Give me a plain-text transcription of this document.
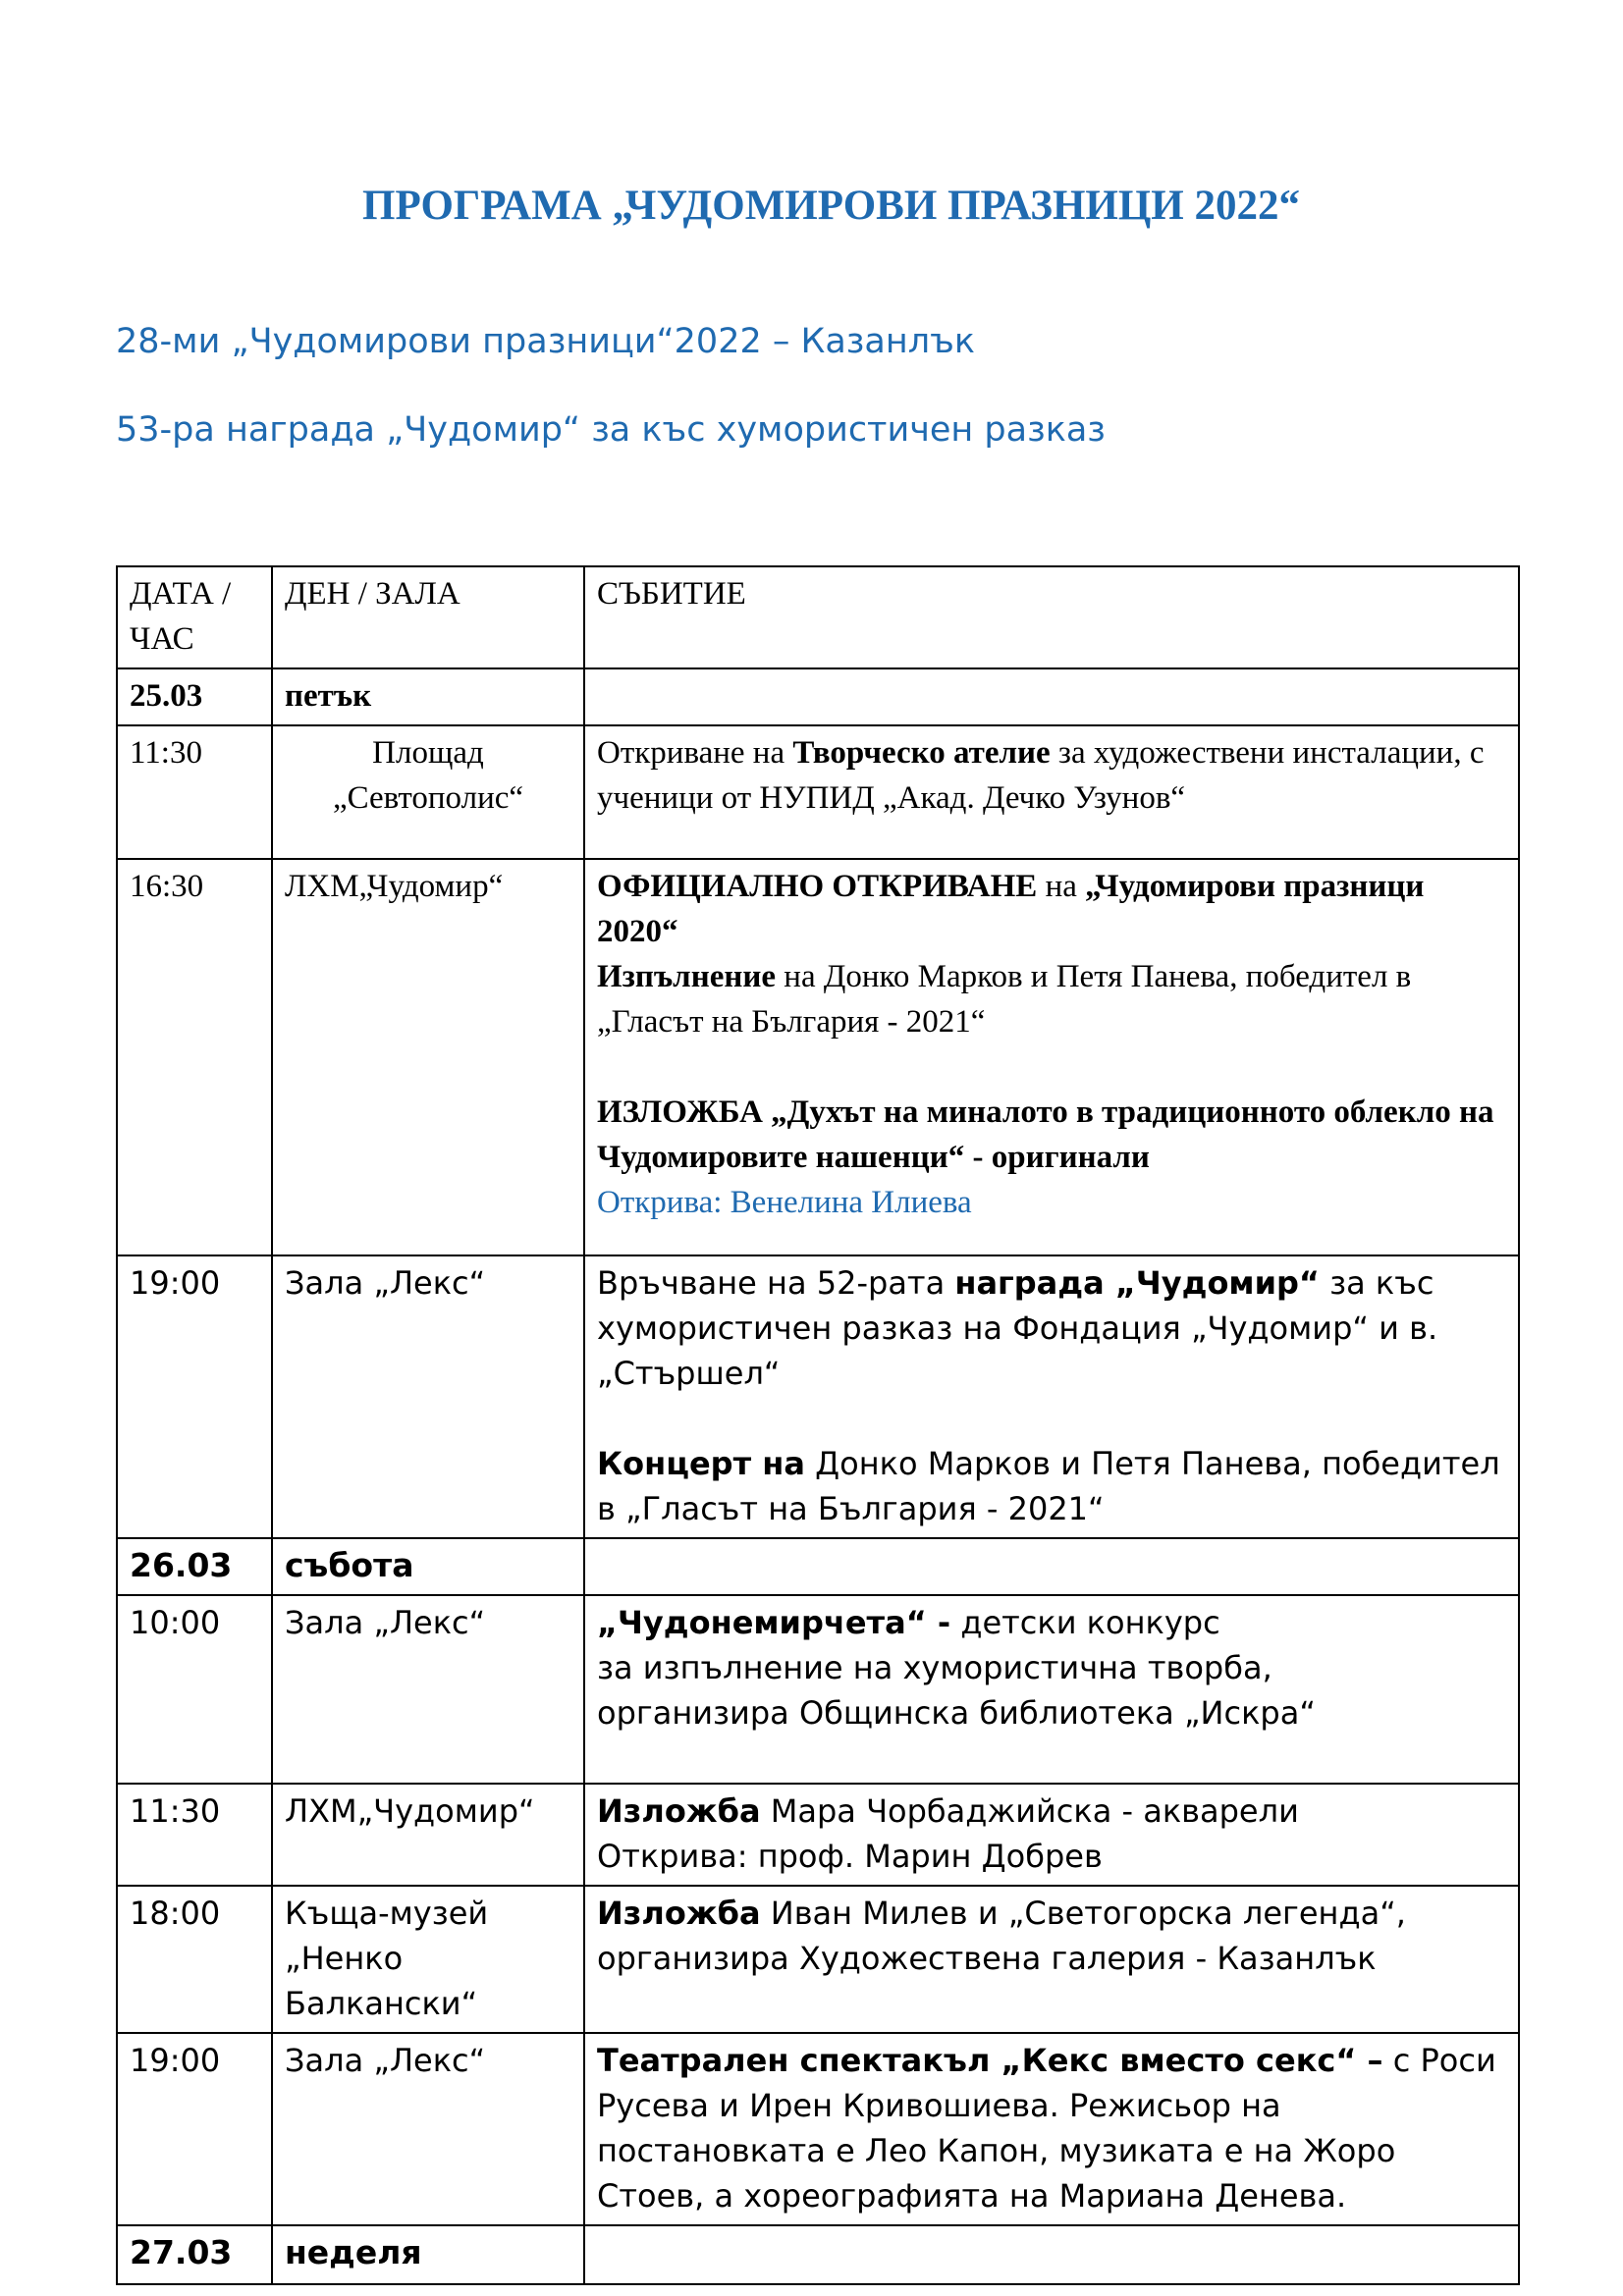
ПРОГРАМА „ЧУДОМИРОВИ ПРАЗНИЦИ 2022“
28-ми „Чудомирови празници“2022 – Казанлък
53-ра награда „Чудомир“ за къс хумористичен разказ
ДАТА / ЧАС	ДЕН / ЗАЛА	СЪБИТИЕ
25.03	петък	
11:30	Площад „Севтополис“	Откриване на Творческо ателие за художествени инсталации, с ученици от НУПИД „Акад. Дечко Узунов“
16:30	ЛХМ„Чудомир“	ОФИЦИАЛНО ОТКРИВАНЕ на „Чудомирови празници 2020“
Изпълнение на Донко Марков и Петя Панева, победител в „Гласът на България - 2021“
ИЗЛОЖБА „Духът на миналото в традиционното облекло на Чудомировите нашенци“ - оригинали
Открива: Венелина Илиева

19:00	Зала „Лекс“	Връчване на 52-рата награда „Чудомир“ за къс хумористичен разказ на Фондация „Чудомир“ и в.„Стършел“
Концерт на Донко Марков и Петя Панева, победител в „Гласът на България - 2021“

26.03	събота	
10:00	Зала „Лекс“	„Чудонемирчета“ - детски конкурс
за изпълнение на хумористична творба,
организира Общинска библиотека „Искра“

11:30	ЛХМ„Чудомир“	Изложба Мара Чорбаджийска - акварели
Открива: проф. Марин Добрев

18:00	Къща-музей „Ненко Балкански“	Изложба Иван Милев и „Светогорска легенда“, организира Художествена галерия - Казанлък
19:00	Зала „Лекс“	Театрален спектакъл „Кекс вместо секс“ – с Роси Русева и Ирен Кривошиева. Режисьор на постановката е Лео Капон, музиката е на Жоро Стоев, а хореографията на Мариана Денева.
27.03	неделя	
